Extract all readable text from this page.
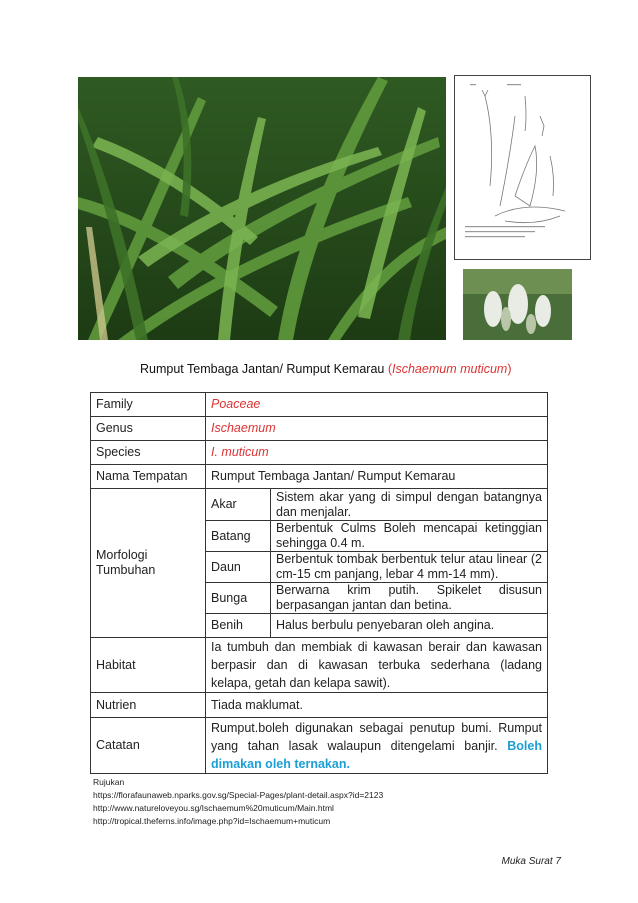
Rumput Tembaga Jantan/ Rumput Kemarau (Ischaemum muticum)
Family	Poaceae	
Genus	Ischaemum	
Species	I. muticum	
Nama Tempatan	Rumput Tembaga Jantan/ Rumput Kemarau	
Morfologi
Tumbuhan	Akar	Sistem akar yang di simpul dengan batangnya dan menjalar.
	Batang	Berbentuk Culms Boleh mencapai ketinggian sehingga 0.4 m.
	Daun	Berbentuk tombak berbentuk telur atau linear (2 cm-15 cm panjang, lebar 4 mm-14 mm).
	Bunga	Berwarna krim putih. Spikelet disusun berpasangan jantan dan betina.
	Benih	Halus berbulu penyebaran oleh angina.
Habitat	Ia tumbuh dan membiak di kawasan berair dan kawasan berpasir dan di kawasan terbuka sederhana (ladang kelapa, getah dan kelapa sawit).	
Nutrien	Tiada maklumat.	
Catatan	Rumput.boleh digunakan sebagai penutup bumi. Rumput yang tahan lasak walaupun ditengelami banjir. Boleh dimakan oleh ternakan.	
Rujukan
https://florafaunaweb.nparks.gov.sg/Special-Pages/plant-detail.aspx?id=2123
http://www.natureloveyou.sg/Ischaemum%20muticum/Main.html
http://tropical.theferns.info/image.php?id=Ischaemum+muticum
Muka Surat 7
